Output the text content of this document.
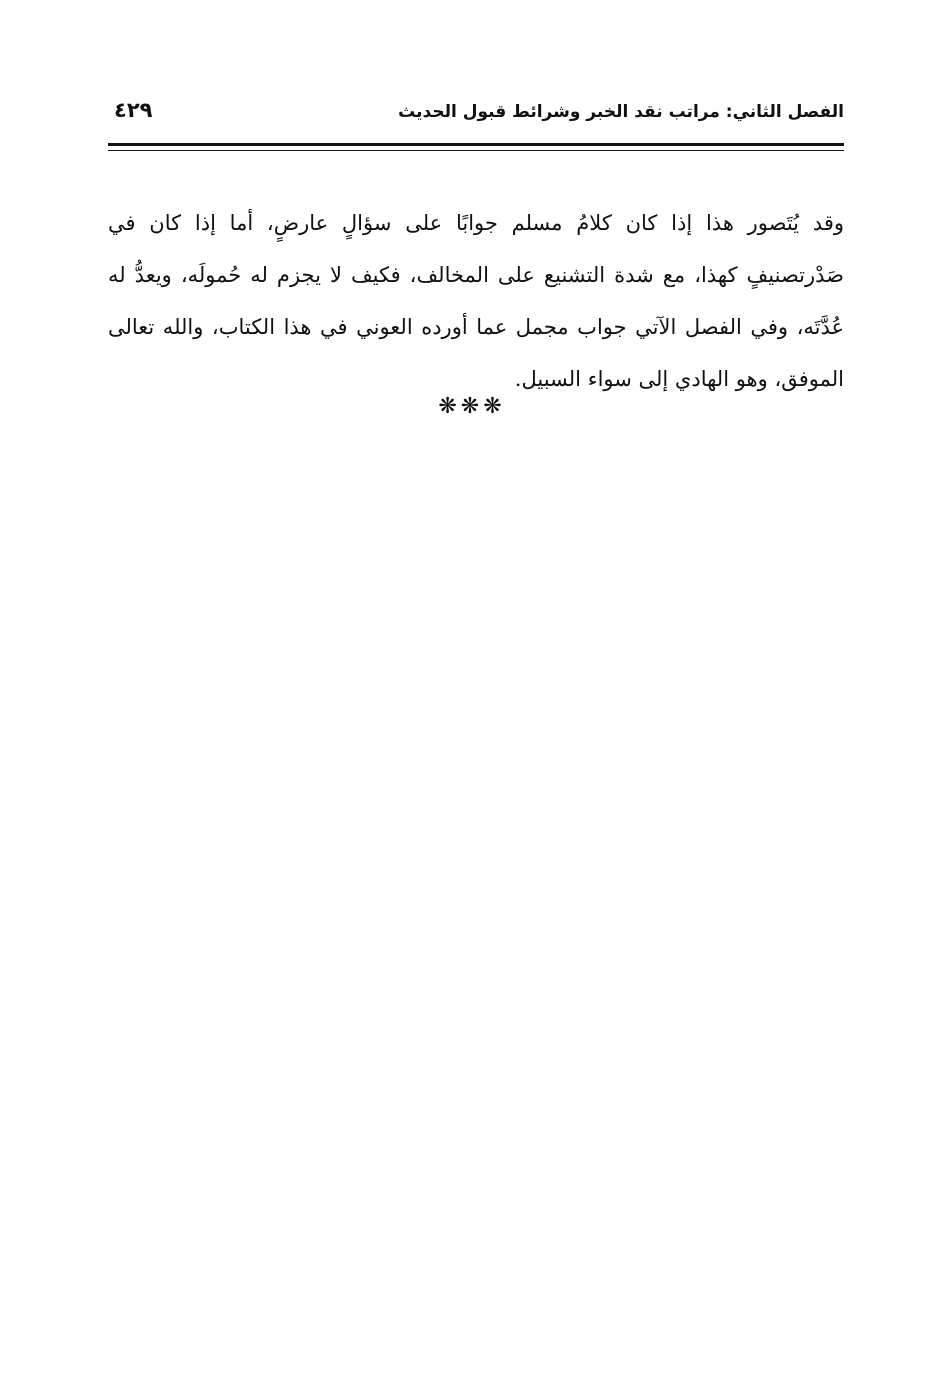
الفصل الثاني: مراتب نقد الخبر وشرائط قبول الحديث
٤٢٩

وقد يُتَصور هذا إذا كان كلامُ مسلم جوابًا على سؤالٍ عارضٍ، أما إذا كان في صَدْرتصنيفٍ كهذا، مع شدة التشنيع على المخالف، فكيف لا يجزم له حُمولَه، ويعدُّ له عُدَّتَه، وفي الفصل الآتي جواب مجمل عما أورده العوني في هذا الكتاب، والله تعالى الموفق، وهو الهادي إلى سواء السبيل.

❋❋❋
